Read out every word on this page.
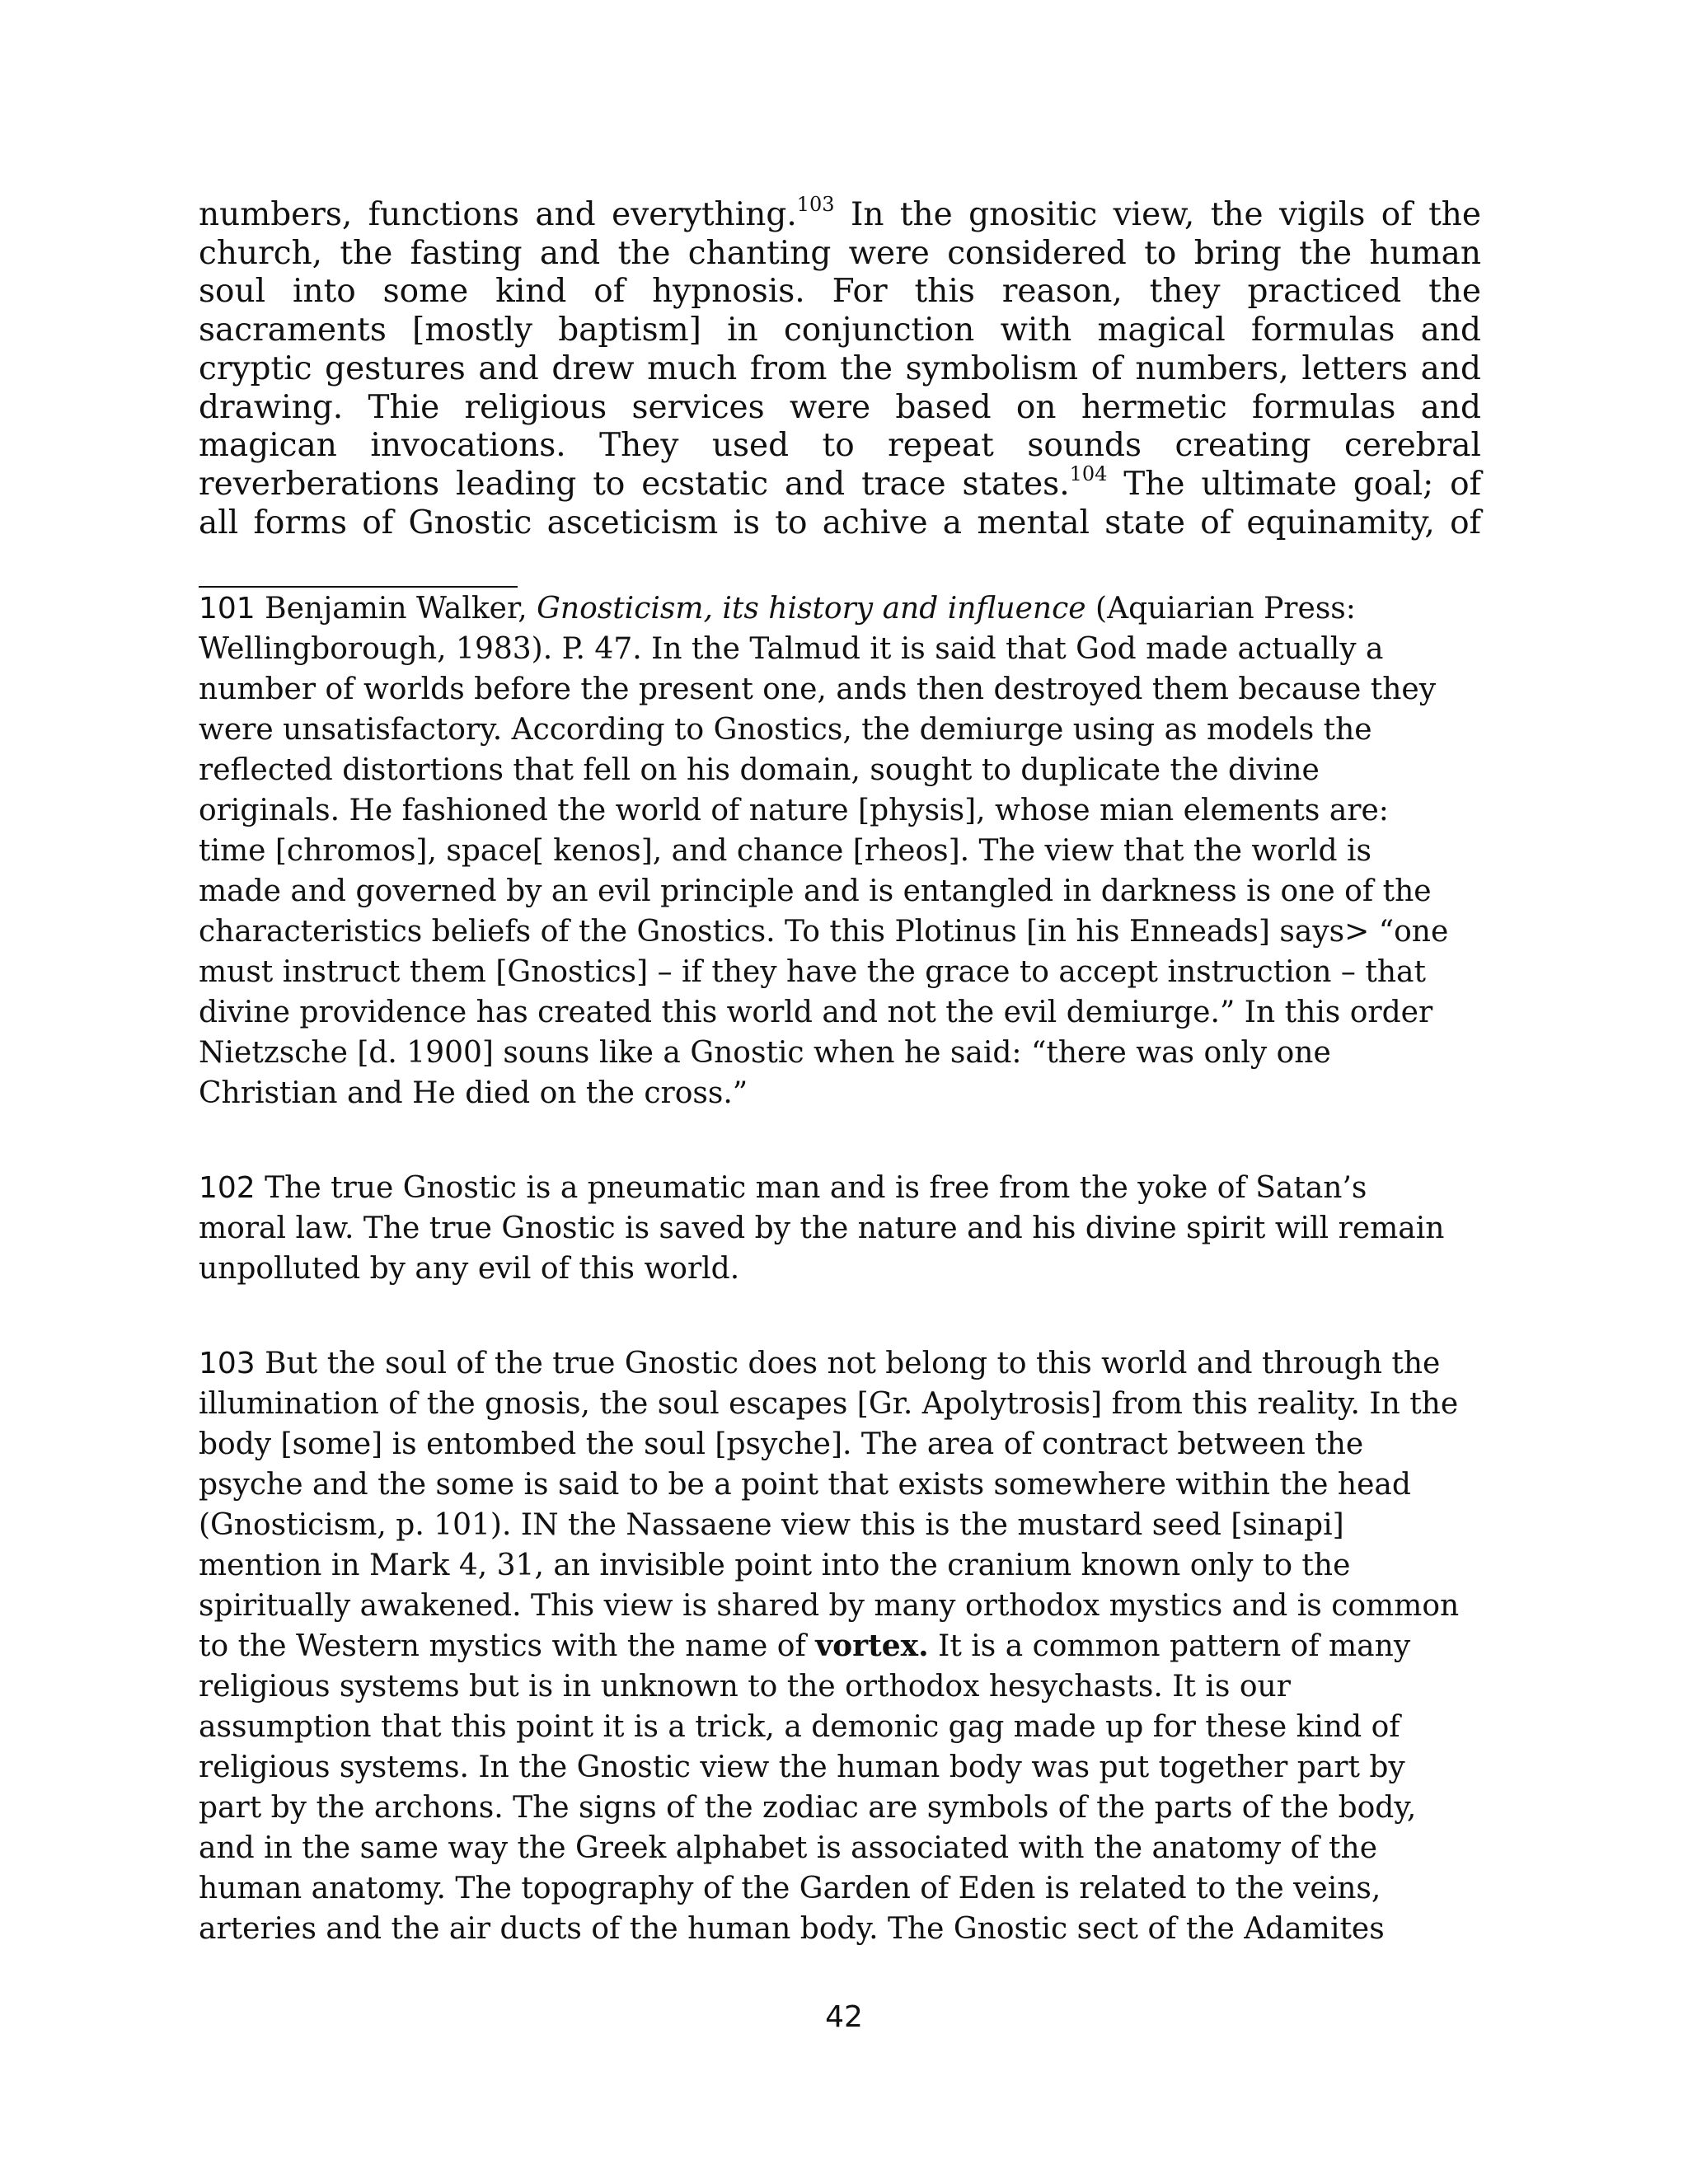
numbers, functions and everything.$^{103}$ In the gnositic view, the vigils of the
church, the fasting and the chanting were considered to bring the human
soul into some kind of hypnosis. For this reason, they practiced the
sacraments [mostly baptism] in conjunction with magical formulas and
cryptic gestures and drew much from the symbolism of numbers, letters and
drawing. Thie religious services were based on hermetic formulas and
magican invocations. They used to repeat sounds creating cerebral
reverberations leading to ecstatic and trace states.$^{104}$ The ultimate goal; of
all forms of Gnostic asceticism is to achive a mental state of equinamity, of
101 Benjamin Walker, Gnosticism, its history and influence (Aquiarian Press:
Wellingborough, 1983). P. 47. In the Talmud it is said that God made actually a
number of worlds before the present one, ands then destroyed them because they
were unsatisfactory. According to Gnostics, the demiurge using as models the
reflected distortions that fell on his domain, sought to duplicate the divine
originals. He fashioned the world of nature [physis], whose mian elements are:
time [chromos], space[ kenos], and chance [rheos]. The view that the world is
made and governed by an evil principle and is entangled in darkness is one of the
characteristics beliefs of the Gnostics. To this Plotinus [in his Enneads] says> “one
must instruct them [Gnostics] – if they have the grace to accept instruction – that
divine providence has created this world and not the evil demiurge.” In this order
Nietzsche [d. 1900] souns like a Gnostic when he said: “there was only one
Christian and He died on the cross.”
102 The true Gnostic is a pneumatic man and is free from the yoke of Satan’s
moral law. The true Gnostic is saved by the nature and his divine spirit will remain
unpolluted by any evil of this world.
103 But the soul of the true Gnostic does not belong to this world and through the
illumination of the gnosis, the soul escapes [Gr. Apolytrosis] from this reality. In the
body [some] is entombed the soul [psyche]. The area of contract between the
psyche and the some is said to be a point that exists somewhere within the head
(Gnosticism, p. 101). IN the Nassaene view this is the mustard seed [sinapi]
mention in Mark 4, 31, an invisible point into the cranium known only to the
spiritually awakened. This view is shared by many orthodox mystics and is common
to the Western mystics with the name of vortex. It is a common pattern of many
religious systems but is in unknown to the orthodox hesychasts. It is our
assumption that this point it is a trick, a demonic gag made up for these kind of
religious systems. In the Gnostic view the human body was put together part by
part by the archons. The signs of the zodiac are symbols of the parts of the body,
and in the same way the Greek alphabet is associated with the anatomy of the
human anatomy. The topography of the Garden of Eden is related to the veins,
arteries and the air ducts of the human body. The Gnostic sect of the Adamites
42
